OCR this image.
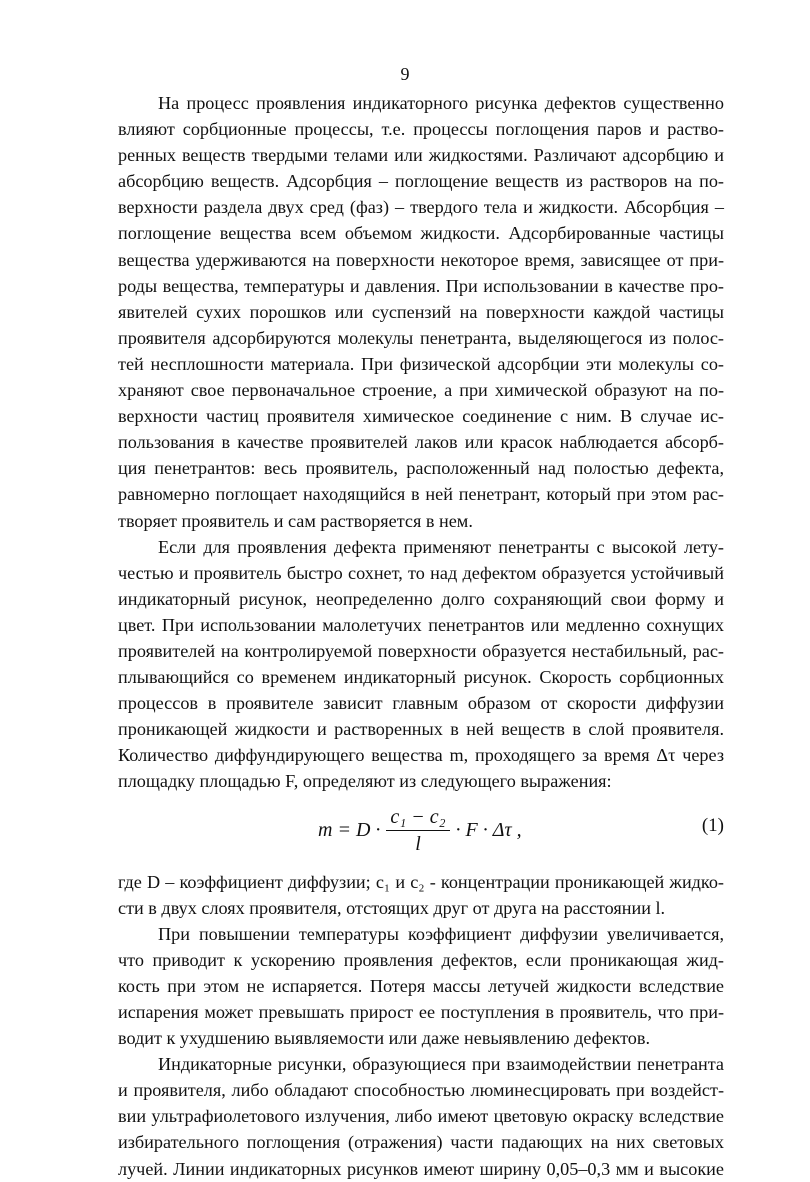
9
На процесс проявления индикаторного рисунка дефектов существенно
влияют сорбционные процессы, т.е. процессы поглощения паров и раство-
ренных веществ твердыми телами или жидкостями. Различают адсорбцию и
абсорбцию веществ. Адсорбция – поглощение веществ из растворов на по-
верхности раздела двух сред (фаз) – твердого тела и жидкости. Абсорбция –
поглощение вещества всем объемом жидкости. Адсорбированные частицы
вещества удерживаются на поверхности некоторое время, зависящее от при-
роды вещества, температуры и давления. При использовании в качестве про-
явителей сухих порошков или суспензий на поверхности каждой частицы
проявителя адсорбируются молекулы пенетранта, выделяющегося из полос-
тей несплошности материала. При физической адсорбции эти молекулы со-
храняют свое первоначальное строение, а при химической образуют на по-
верхности частиц проявителя химическое соединение с ним. В случае ис-
пользования в качестве проявителей лаков или красок наблюдается абсорб-
ция пенетрантов: весь проявитель, расположенный над полостью дефекта,
равномерно поглощает находящийся в ней пенетрант, который при этом рас-
творяет проявитель и сам растворяется в нем.
Если для проявления дефекта применяют пенетранты с высокой лету-
честью и проявитель быстро сохнет, то над дефектом образуется устойчивый
индикаторный рисунок, неопределенно долго сохраняющий свои форму и
цвет. При использовании малолетучих пенетрантов или медленно сохнущих
проявителей на контролируемой поверхности образуется нестабильный, рас-
плывающийся со временем индикаторный рисунок. Скорость сорбционных
процессов в проявителе зависит главным образом от скорости диффузии
проникающей жидкости и растворенных в ней веществ в слой проявителя.
Количество диффундирующего вещества m, проходящего за время Δτ через
площадку площадью F, определяют из следующего выражения:
$m = D \cdot \frac{\text{c₁ − c₂}}{l} \cdot F \cdot \Delta\tau$ ,	(1)
где D – коэффициент диффузии; c₁ и c₂ - концентрации проникающей жидко-
сти в двух слоях проявителя, отстоящих друг от друга на расстоянии l.
При повышении температуры коэффициент диффузии увеличивается,
что приводит к ускорению проявления дефектов, если проникающая жид-
кость при этом не испаряется. Потеря массы летучей жидкости вследствие
испарения может превышать прирост ее поступления в проявитель, что при-
водит к ухудшению выявляемости или даже невыявлению дефектов.
Индикаторные рисунки, образующиеся при взаимодействии пенетранта
и проявителя, либо обладают способностью люминесцировать при воздейст-
вии ультрафиолетового излучения, либо имеют цветовую окраску вследствие
избирательного поглощения (отражения) части падающих на них световых
лучей. Линии индикаторных рисунков имеют ширину 0,05–0,3 мм и высокие
